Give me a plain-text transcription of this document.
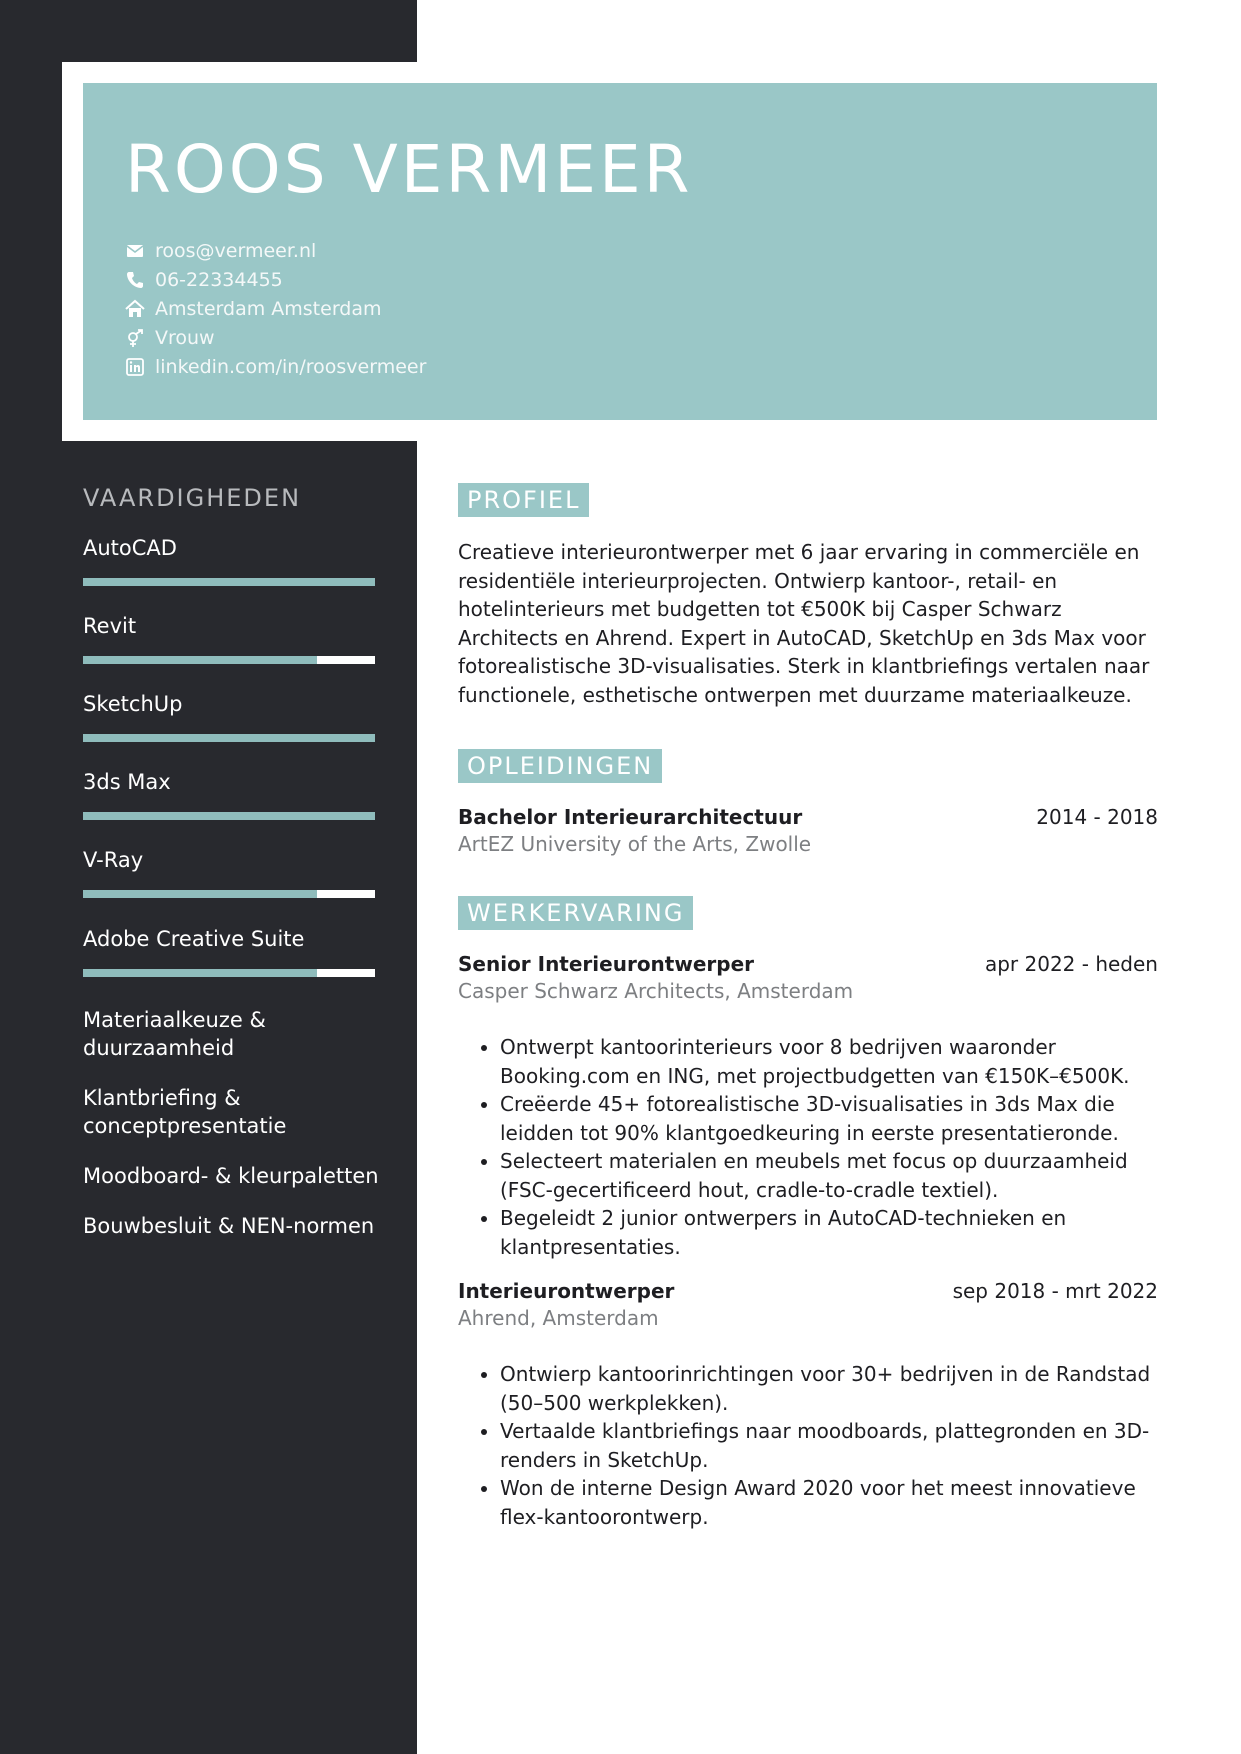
ROOS VERMEER
roos@vermeer.nl
06-22334455
Amsterdam Amsterdam
Vrouw
linkedin.com/in/roosvermeer
VAARDIGHEDEN
AutoCAD
Revit
SketchUp
3ds Max
V-Ray
Adobe Creative Suite
Materiaalkeuze & duurzaamheid
Klantbriefing & conceptpresentatie
Moodboard- & kleurpaletten
Bouwbesluit & NEN-normen
PROFIEL

Creatieve interieurontwerper met 6 jaar ervaring in commerciële en residentiële interieurprojecten. Ontwierp kantoor-, retail- en hotelinterieurs met budgetten tot €500K bij Casper Schwarz Architects en Ahrend. Expert in AutoCAD, SketchUp en 3ds Max voor fotorealistische 3D-visualisaties. Sterk in klantbriefings vertalen naar functionele, esthetische ontwerpen met duurzame materiaalkeuze.

OPLEIDINGEN
Bachelor Interieurarchitectuur	2014 - 2018
ArtEZ University of the Arts, Zwolle
WERKERVARING
Senior Interieurontwerper	apr 2022 - heden
Casper Schwarz Architects, Amsterdam
• Ontwerpt kantoorinterieurs voor 8 bedrijven waaronder Booking.com en ING, met projectbudgetten van €150K–€500K.
• Creëerde 45+ fotorealistische 3D-visualisaties in 3ds Max die leidden tot 90% klantgoedkeuring in eerste presentatieronde.
• Selecteert materialen en meubels met focus op duurzaamheid (FSC-gecertificeerd hout, cradle-to-cradle textiel).
• Begeleidt 2 junior ontwerpers in AutoCAD-technieken en klantpresentaties.
Interieurontwerper	sep 2018 - mrt 2022
Ahrend, Amsterdam
• Ontwierp kantoorinrichtingen voor 30+ bedrijven in de Randstad (50–500 werkplekken).
• Vertaalde klantbriefings naar moodboards, plattegronden en 3D-renders in SketchUp.
• Won de interne Design Award 2020 voor het meest innovatieve flex-kantoorontwerp.
